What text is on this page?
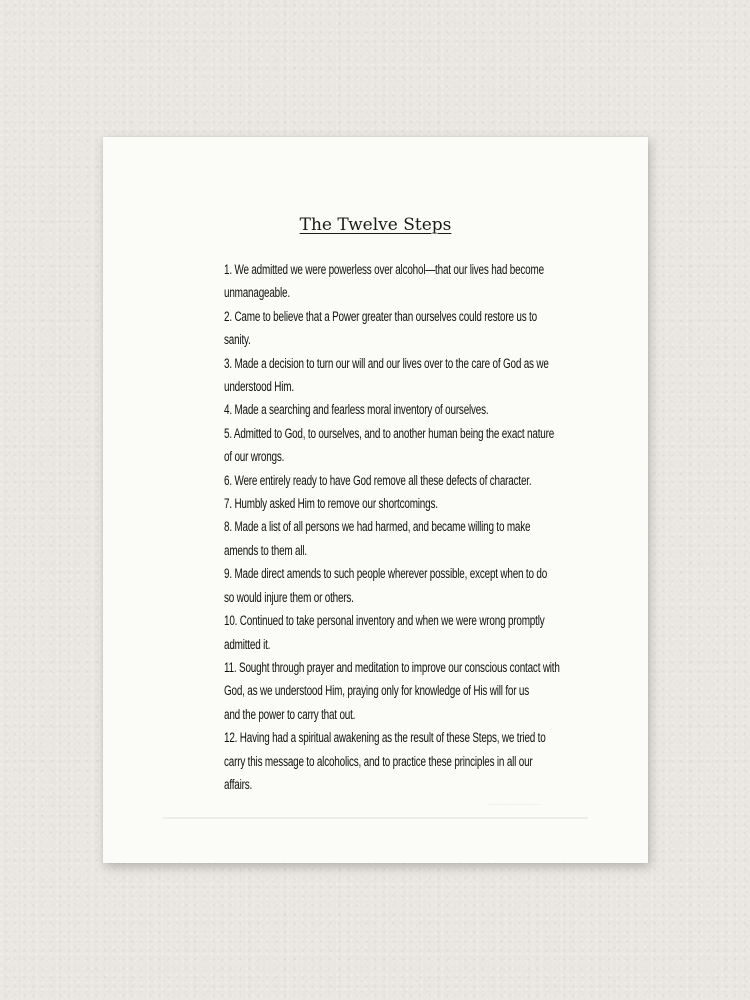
The Twelve Steps
1. We admitted we were powerless over alcohol—that our lives had become
unmanageable.
2. Came to believe that a Power greater than ourselves could restore us to
sanity.
3. Made a decision to turn our will and our lives over to the care of God as we
understood Him.
4. Made a searching and fearless moral inventory of ourselves.
5. Admitted to God, to ourselves, and to another human being the exact nature
of our wrongs.
6. Were entirely ready to have God remove all these defects of character.
7. Humbly asked Him to remove our shortcomings.
8. Made a list of all persons we had harmed, and became willing to make
amends to them all.
9. Made direct amends to such people wherever possible, except when to do
so would injure them or others.
10. Continued to take personal inventory and when we were wrong promptly
admitted it.
11. Sought through prayer and meditation to improve our conscious contact with
God, as we understood Him, praying only for knowledge of His will for us
and the power to carry that out.
12. Having had a spiritual awakening as the result of these Steps, we tried to
carry this message to alcoholics, and to practice these principles in all our
affairs.
·······························································
